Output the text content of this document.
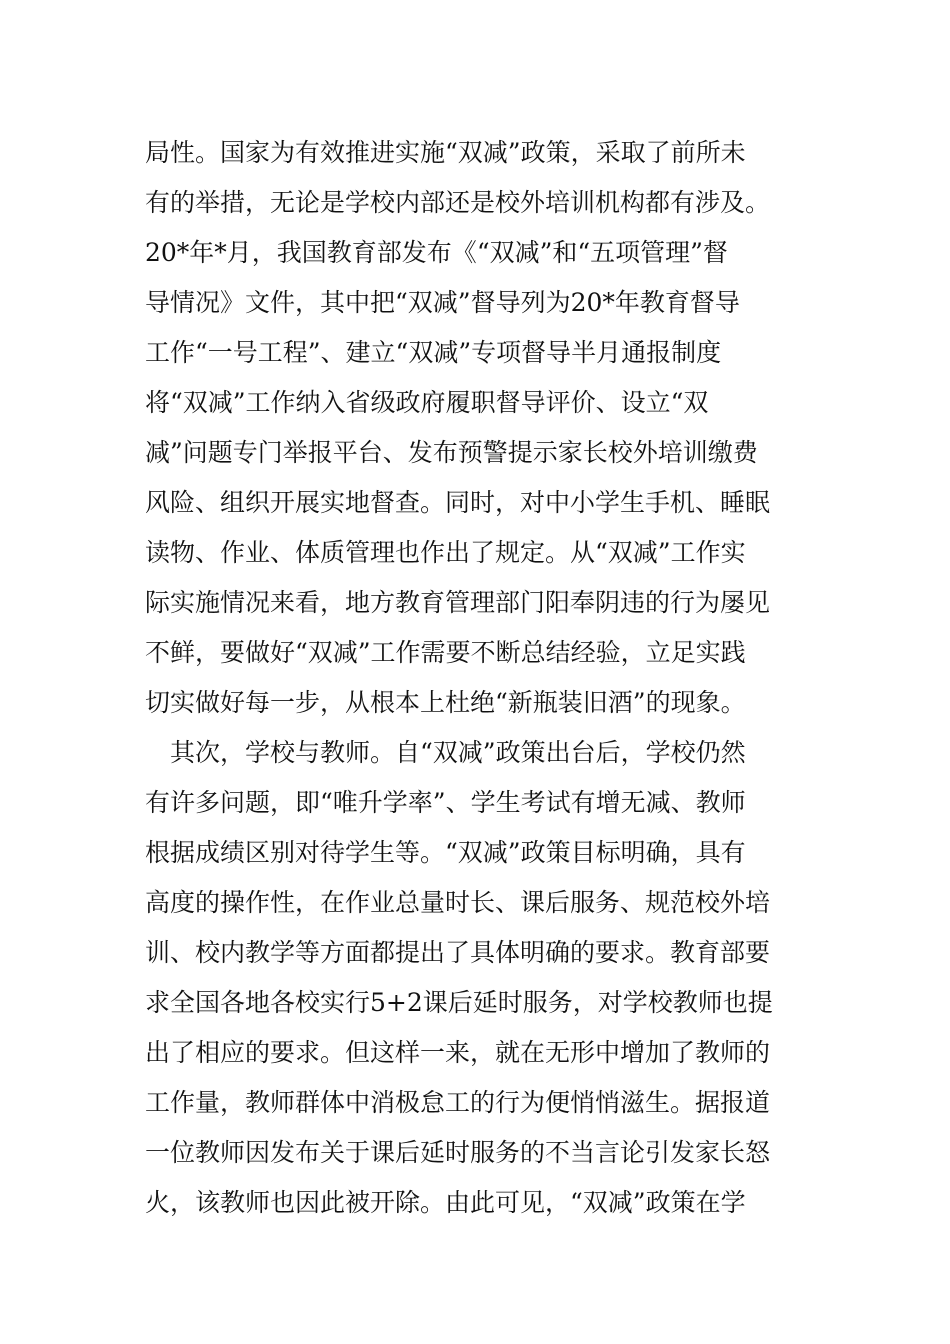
局性。国家为有效推进实施“双减”政策，采取了前所未
有的举措，无论是学校内部还是校外培训机构都有涉及。
20*年*月，我国教育部发布《“双减”和“五项管理”督
导情况》文件，其中把“双减”督导列为20*年教育督导
工作“一号工程”、建立“双减”专项督导半月通报制度
将“双减”工作纳入省级政府履职督导评价、设立“双
减”问题专门举报平台、发布预警提示家长校外培训缴费
风险、组织开展实地督查。同时，对中小学生手机、睡眠
读物、作业、体质管理也作出了规定。从“双减”工作实
际实施情况来看，地方教育管理部门阳奉阴违的行为屡见
不鲜，要做好“双减”工作需要不断总结经验，立足实践
切实做好每一步，从根本上杜绝“新瓶装旧酒”的现象。
　其次，学校与教师。自“双减”政策出台后，学校仍然
有许多问题，即“唯升学率”、学生考试有增无减、教师
根据成绩区别对待学生等。“双减”政策目标明确，具有
高度的操作性，在作业总量时长、课后服务、规范校外培
训、校内教学等方面都提出了具体明确的要求。教育部要
求全国各地各校实行5+2课后延时服务，对学校教师也提
出了相应的要求。但这样一来，就在无形中增加了教师的
工作量，教师群体中消极怠工的行为便悄悄滋生。据报道
一位教师因发布关于课后延时服务的不当言论引发家长怒
火，该教师也因此被开除。由此可见，“双减”政策在学
